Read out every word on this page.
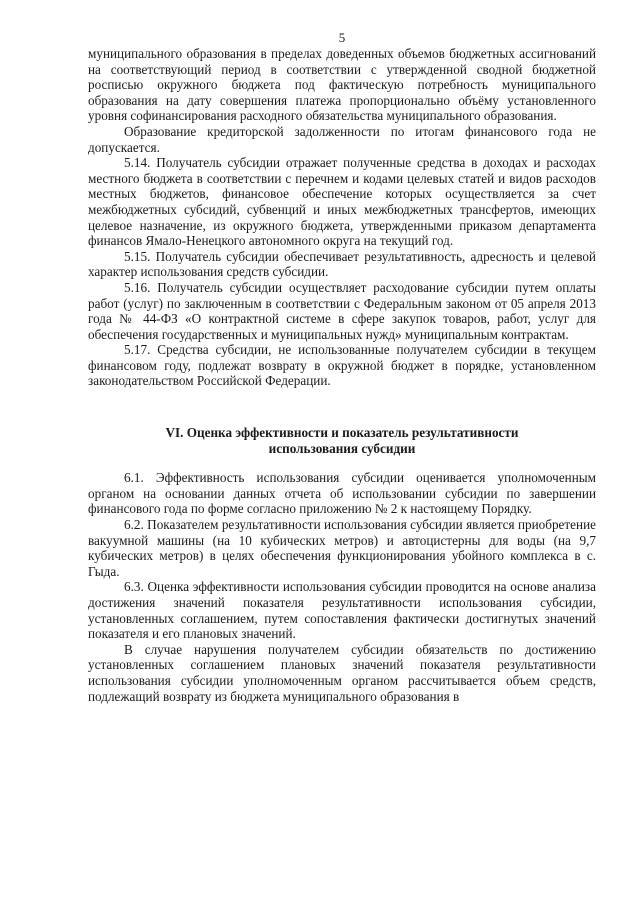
5

муниципального образования в пределах доведенных объемов бюджетных ассигнований на соответствующий период в соответствии с утвержденной сводной бюджетной росписью окружного бюджета под фактическую потребность муниципального образования на дату совершения платежа пропорционально объёму установленного уровня софинансирования расходного обязательства муниципального образования.

Образование кредиторской задолженности по итогам финансового года не допускается.

5.14. Получатель субсидии отражает полученные средства в доходах и расходах местного бюджета в соответствии с перечнем и кодами целевых статей и видов расходов местных бюджетов, финансовое обеспечение которых осуществляется за счет межбюджетных субсидий, субвенций и иных межбюджетных трансфертов, имеющих целевое назначение, из окружного бюджета, утвержденными приказом департамента финансов Ямало-Ненецкого автономного округа на текущий год.

5.15. Получатель субсидии обеспечивает результативность, адресность и целевой характер использования средств субсидии.

5.16. Получатель субсидии осуществляет расходование субсидии путем оплаты работ (услуг) по заключенным в соответствии с Федеральным законом от 05 апреля 2013 года № 44-ФЗ «О контрактной системе в сфере закупок товаров, работ, услуг для обеспечения государственных и муниципальных нужд» муниципальным контрактам.

5.17. Средства субсидии, не использованные получателем субсидии в текущем финансовом году, подлежат возврату в окружной бюджет в порядке, установленном законодательством Российской Федерации.

VI. Оценка эффективности и показатель результативности
использования субсидии

6.1. Эффективность использования субсидии оценивается уполномоченным органом на основании данных отчета об использовании субсидии по завершении финансового года по форме согласно приложению № 2 к настоящему Порядку.

6.2. Показателем результативности использования субсидии является приобретение вакуумной машины (на 10 кубических метров) и автоцистерны для воды (на 9,7 кубических метров) в целях обеспечения функционирования убойного комплекса в с. Гыда.

6.3. Оценка эффективности использования субсидии проводится на основе анализа достижения значений показателя результативности использования субсидии, установленных соглашением, путем сопоставления фактически достигнутых значений показателя и его плановых значений.

В случае нарушения получателем субсидии обязательств по достижению установленных соглашением плановых значений показателя результативности использования субсидии уполномоченным органом рассчитывается объем средств, подлежащий возврату из бюджета муниципального образования в
